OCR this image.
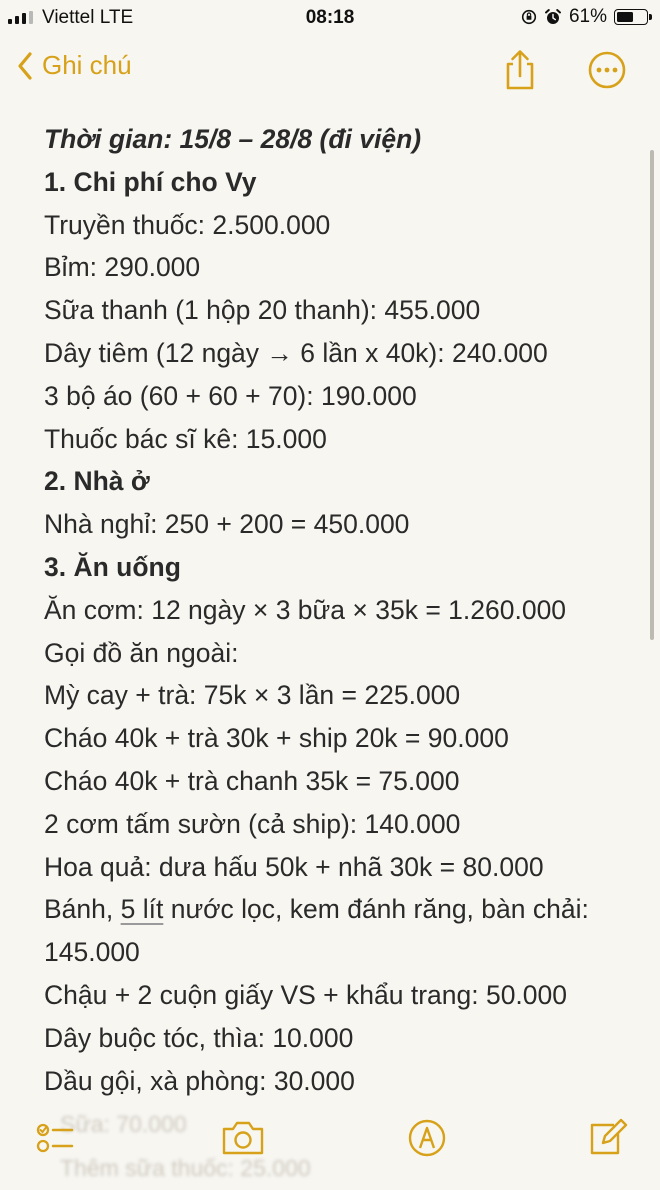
Viettel LTE	08:18	61%
Ghi chú
Thời gian: 15/8 – 28/8 (đi viện)
1. Chi phí cho Vy
Truyền thuốc: 2.500.000
Bỉm: 290.000
Sữa thanh (1 hộp 20 thanh): 455.000
Dây tiêm (12 ngày → 6 lần x 40k): 240.000
3 bộ áo (60 + 60 + 70): 190.000
Thuốc bác sĩ kê: 15.000
2. Nhà ở
Nhà nghỉ: 250 + 200 = 450.000
3. Ăn uống
Ăn cơm: 12 ngày × 3 bữa × 35k = 1.260.000
Gọi đồ ăn ngoài:
Mỳ cay + trà: 75k × 3 lần = 225.000
Cháo 40k + trà 30k + ship 20k = 90.000
Cháo 40k + trà chanh 35k = 75.000
2 cơm tấm sườn (cả ship): 140.000
Hoa quả: dưa hấu 50k + nhã 30k = 80.000
Bánh, 5 lít nước lọc, kem đánh răng, bàn chải:
145.000
Chậu + 2 cuộn giấy VS + khẩu trang: 50.000
Dây buộc tóc, thìa: 10.000
Dầu gội, xà phòng: 30.000
Sữa: 70.000
Thêm sữa thuốc: 25.000
